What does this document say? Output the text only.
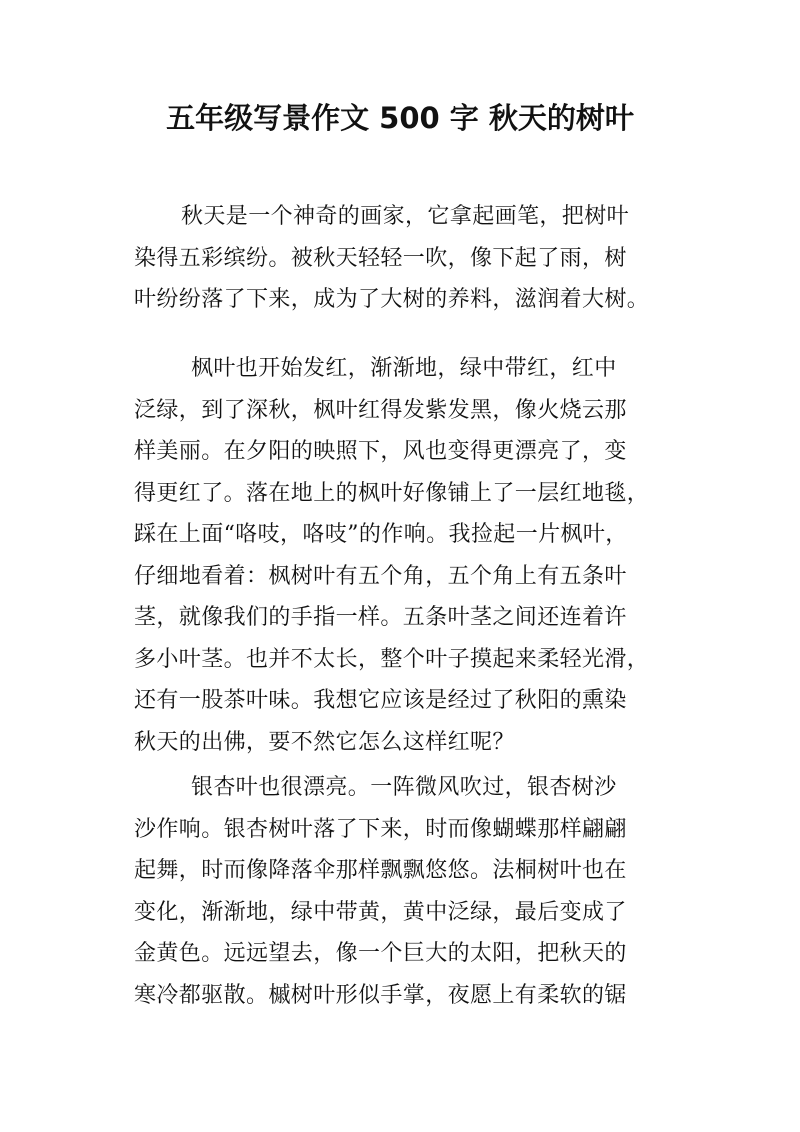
五年级写景作文 500 字 秋天的树叶
秋天是一个神奇的画家，它拿起画笔，把树叶
染得五彩缤纷。被秋天轻轻一吹，像下起了雨，树
叶纷纷落了下来，成为了大树的养料，滋润着大树。
枫叶也开始发红，渐渐地，绿中带红，红中
泛绿，到了深秋，枫叶红得发紫发黑，像火烧云那
样美丽。在夕阳的映照下，风也变得更漂亮了，变
得更红了。落在地上的枫叶好像铺上了一层红地毯，
踩在上面“咯吱，咯吱”的作响。我捡起一片枫叶，
仔细地看着：枫树叶有五个角，五个角上有五条叶
茎，就像我们的手指一样。五条叶茎之间还连着许
多小叶茎。也并不太长，整个叶子摸起来柔轻光滑，
还有一股茶叶味。我想它应该是经过了秋阳的熏染
秋天的出佛，要不然它怎么这样红呢？
银杏叶也很漂亮。一阵微风吹过，银杏树沙
沙作响。银杏树叶落了下来，时而像蝴蝶那样翩翩
起舞，时而像降落伞那样飘飘悠悠。法桐树叶也在
变化，渐渐地，绿中带黄，黄中泛绿，最后变成了
金黄色。远远望去，像一个巨大的太阳，把秋天的
寒冷都驱散。槭树叶形似手掌，夜愿上有柔软的锯
